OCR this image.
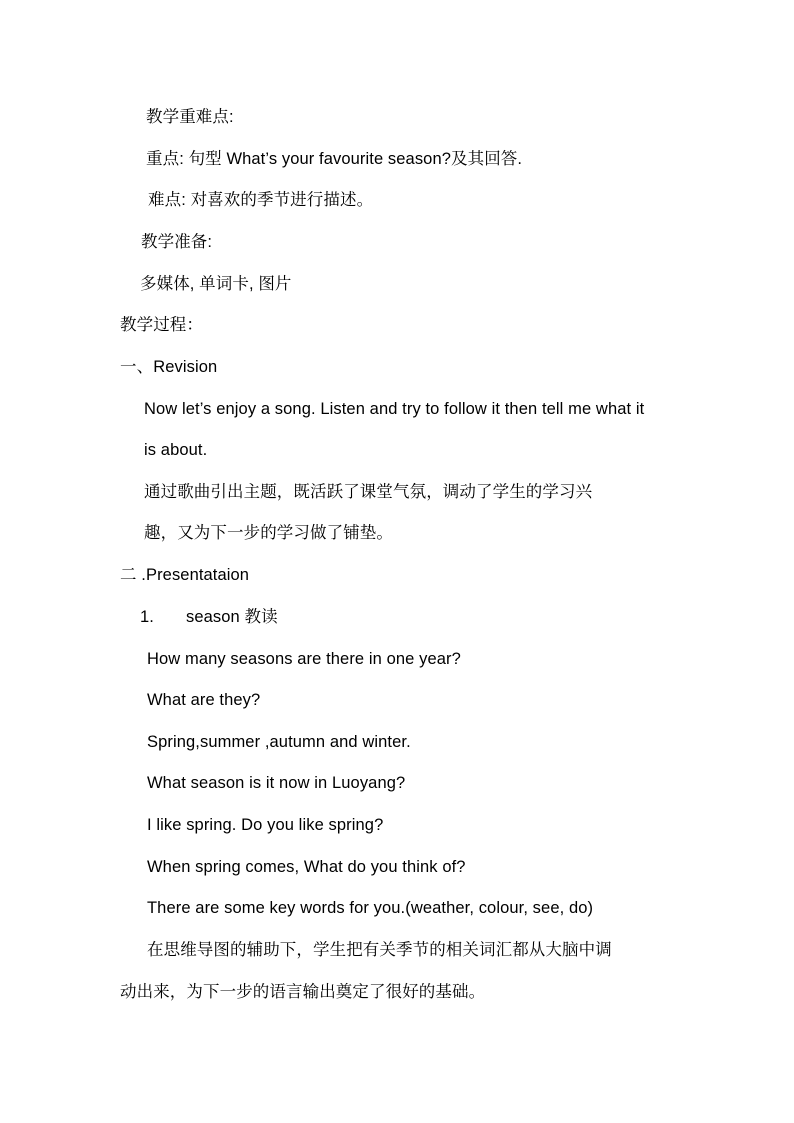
教学重难点:
重点: 句型 What’s your favourite season?及其回答.
难点: 对喜欢的季节进行描述。
教学准备:
多媒体, 单词卡, 图片
教学过程：
一、Revision
Now let’s enjoy a song. Listen and try to follow it then tell me what it
is about.
通过歌曲引出主题，既活跃了课堂气氛，调动了学生的学习兴
趣，又为下一步的学习做了铺垫。
二 .Presentataion
1. season 教读
How many seasons are there in one year?
What are they?
Spring,summer ,autumn and winter.
What season is it now in Luoyang?
I like spring. Do you like spring?
When spring comes, What do you think of?
There are some key words for you.(weather, colour, see, do)
在思维导图的辅助下，学生把有关季节的相关词汇都从大脑中调
动出来，为下一步的语言输出奠定了很好的基础。
